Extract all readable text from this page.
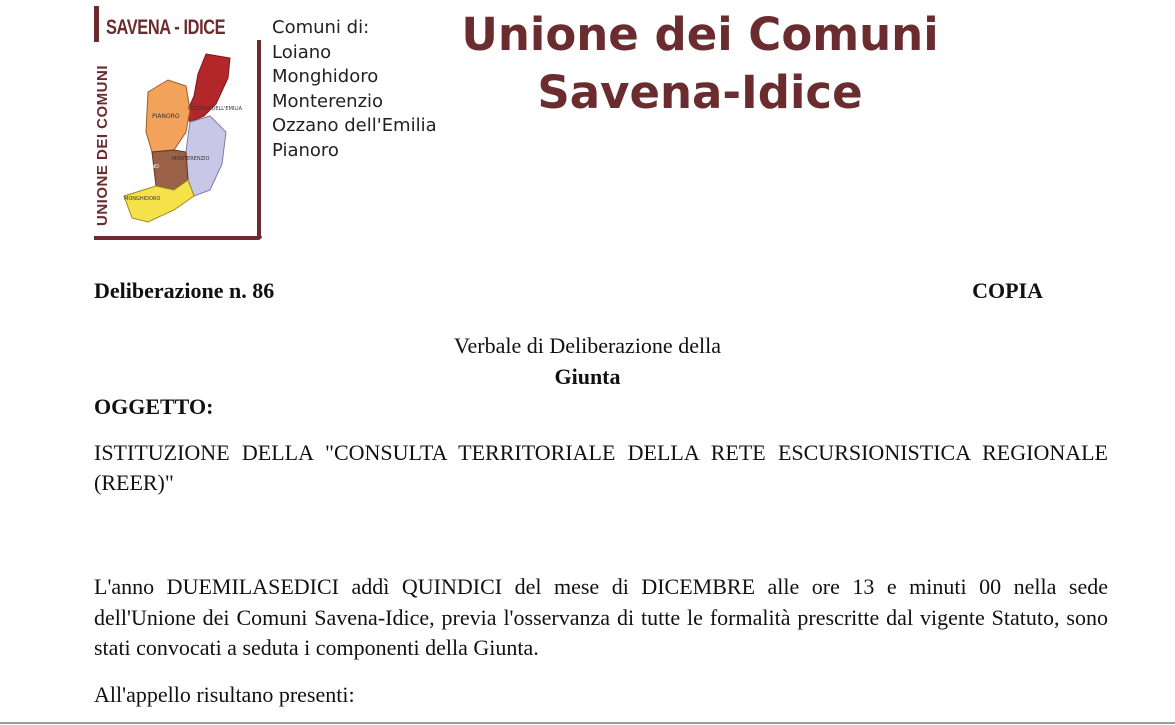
SAVENA - IDICE
UNIONE DEI COMUNI	PIANORO
OZZANO DELL'EMILIA
LOIANO
MONTERENZIO
MONGHIDORO
Comuni di:
Loiano
Monghidoro
Monterenzio
Ozzano dell'Emilia
Pianoro
Unione dei Comuni
Savena-Idice
Deliberazione n. 86	COPIA
Verbale di Deliberazione della
Giunta
OGGETTO:
ISTITUZIONE DELLA "CONSULTA TERRITORIALE DELLA RETE ESCURSIONISTICA REGIONALE (REER)"
L'anno DUEMILASEDICI addì QUINDICI del mese di DICEMBRE alle ore 13 e minuti 00 nella sede dell'Unione dei Comuni Savena-Idice, previa l'osservanza di tutte le formalità prescritte dal vigente Statuto, sono stati convocati a seduta i componenti della Giunta.
All'appello risultano presenti:
